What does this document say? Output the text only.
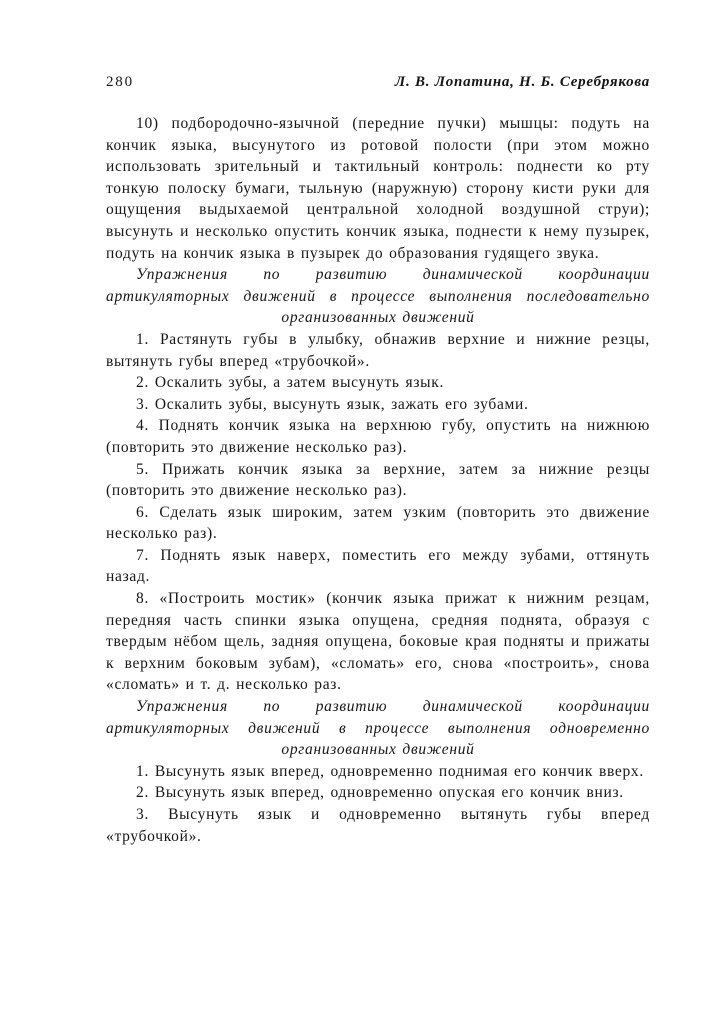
280	Л. В. Лопатина, Н. Б. Серебрякова

10) подбородочно-язычной (передние пучки) мышцы: подуть на кончик языка, высунутого из ротовой полости (при этом можно использовать зрительный и тактильный контроль: поднести ко рту тонкую полоску бумаги, тыльную (наружную) сторону кисти руки для ощущения выдыхаемой центральной холодной воздушной струи); высунуть и несколько опустить кончик языка, поднести к нему пузырек, подуть на кончик языка в пузырек до образования гудящего звука.

Упражнения по развитию динамической координации артикуляторных движений в процессе выполнения последовательно организованных движений

1. Растянуть губы в улыбку, обнажив верхние и нижние резцы, вытянуть губы вперед «трубочкой».

2. Оскалить зубы, а затем высунуть язык.

3. Оскалить зубы, высунуть язык, зажать его зубами.

4. Поднять кончик языка на верхнюю губу, опустить на нижнюю (повторить это движение несколько раз).

5. Прижать кончик языка за верхние, затем за нижние резцы (повторить это движение несколько раз).

6. Сделать язык широким, затем узким (повторить это движение несколько раз).

7. Поднять язык наверх, поместить его между зубами, оттянуть назад.

8. «Построить мостик» (кончик языка прижат к нижним резцам, передняя часть спинки языка опущена, средняя поднята, образуя с твердым нёбом щель, задняя опущена, боковые края подняты и прижаты к верхним боковым зубам), «сломать» его, снова «построить», снова «сломать» и т. д. несколько раз.

Упражнения по развитию динамической координации артикуляторных движений в процессе выполнения одновременно организованных движений

1. Высунуть язык вперед, одновременно поднимая его кончик вверх.

2. Высунуть язык вперед, одновременно опуская его кончик вниз.

3. Высунуть язык и одновременно вытянуть губы вперед «трубочкой».
